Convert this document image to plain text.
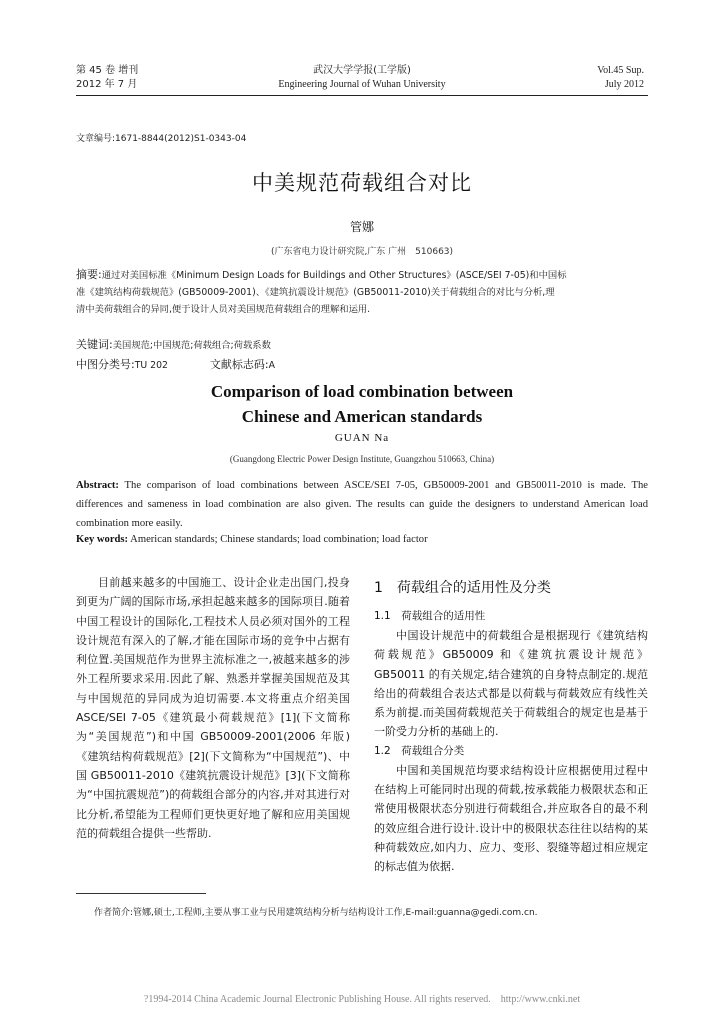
第 45 卷 增刊
2012 年 7 月
武汉大学学报(工学版)
Engineering Journal of Wuhan University
Vol.45 Sup.
July 2012
文章编号:1671-8844(2012)S1-0343-04
中美规范荷载组合对比
管娜
(广东省电力设计研究院,广东 广州　510663)
摘要:通过对美国标准《Minimum Design Loads for Buildings and Other Structures》(ASCE/SEI 7-05)和中国标
准《建筑结构荷载规范》(GB50009-2001)、《建筑抗震设计规范》(GB50011-2010)关于荷载组合的对比与分析,理
清中美荷载组合的异同,便于设计人员对美国规范荷载组合的理解和运用.
关键词:美国规范;中国规范;荷载组合;荷载系数
中图分类号:TU 202	文献标志码:A
Comparison of load combination between
Chinese and American standards
GUAN Na
(Guangdong Electric Power Design Institute, Guangzhou 510663, China)
Abstract: The comparison of load combinations between ASCE/SEI 7-05, GB50009-2001 and GB50011-2010 is made. The differences and sameness in load combination are also given. The results can guide the designers to understand American load combination more easily.
Key words: American standards; Chinese standards; load combination; load factor
目前越来越多的中国施工、设计企业走出国门,投身到更为广阔的国际市场,承担起越来越多的国际项目.随着中国工程设计的国际化,工程技术人员必须对国外的工程设计规范有深入的了解,才能在国际市场的竞争中占据有利位置.美国规范作为世界主流标准之一,被越来越多的涉外工程所要求采用.因此了解、熟悉并掌握美国规范及其与中国规范的异同成为迫切需要.本文将重点介绍美国 ASCE/SEI 7-05《建筑最小荷载规范》[1](下文简称为“美国规范”)和中国 GB50009-2001(2006 年版)《建筑结构荷载规范》[2](下文简称为“中国规范”)、中国 GB50011-2010《建筑抗震设计规范》[3](下文简称为“中国抗震规范”)的荷载组合部分的内容,并对其进行对比分析,希望能为工程师们更快更好地了解和应用美国规范的荷载组合提供一些帮助.
1　荷载组合的适用性及分类
1.1　荷载组合的适用性
中国设计规范中的荷载组合是根据现行《建筑结构荷载规范》GB50009 和《建筑抗震设计规范》GB50011 的有关规定,结合建筑的自身特点制定的.规范给出的荷载组合表达式都是以荷载与荷载效应有线性关系为前提.而美国荷载规范关于荷载组合的规定也是基于一阶受力分析的基础上的.
1.2　荷载组合分类
中国和美国规范均要求结构设计应根据使用过程中在结构上可能同时出现的荷载,按承载能力极限状态和正常使用极限状态分别进行荷载组合,并应取各自的最不利的效应组合进行设计.设计中的极限状态往往以结构的某种荷载效应,如内力、应力、变形、裂缝等超过相应规定的标志值为依据.
作者简介:管娜,硕士,工程师,主要从事工业与民用建筑结构分析与结构设计工作,E-mail:guanna@gedi.com.cn.
?1994-2014 China Academic Journal Electronic Publishing House. All rights reserved.　http://www.cnki.net
